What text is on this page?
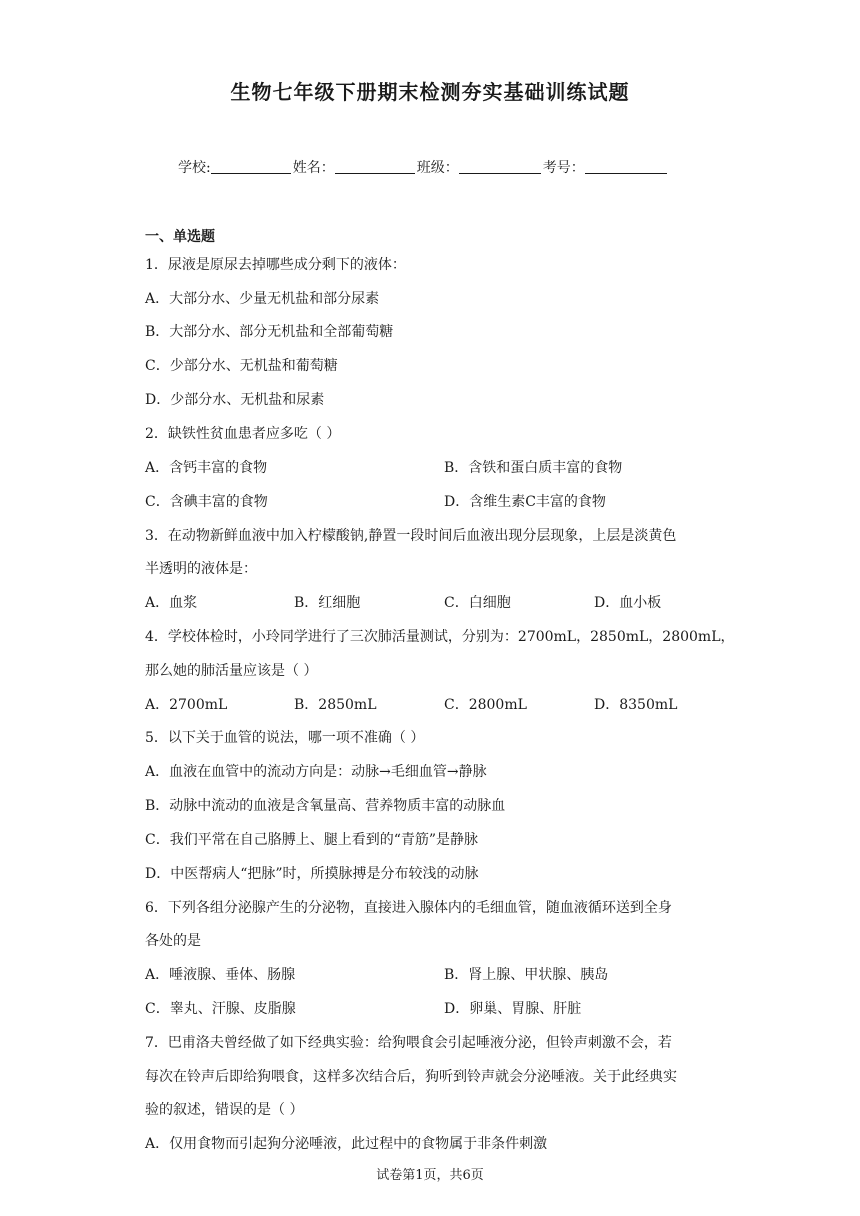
生物七年级下册期末检测夯实基础训练试题
学校:	姓名：	班级：	考号：
一、单选题
1．尿液是原尿去掉哪些成分剩下的液体：
A．大部分水、少量无机盐和部分尿素
B．大部分水、部分无机盐和全部葡萄糖
C．少部分水、无机盐和葡萄糖
D．少部分水、无机盐和尿素
2．缺铁性贫血患者应多吃（ ）
A．含钙丰富的食物	B．含铁和蛋白质丰富的食物
C．含碘丰富的食物	D．含维生素C丰富的食物
3．在动物新鲜血液中加入柠檬酸钠,静置一段时间后血液出现分层现象，上层是淡黄色
半透明的液体是：
A．血浆	B．红细胞	C．白细胞	D．血小板
4．学校体检时，小玲同学进行了三次肺活量测试，分别为：2700mL，2850mL，2800mL，
那么她的肺活量应该是（ ）
A．2700mL	B．2850mL	C．2800mL	D．8350mL
5．以下关于血管的说法，哪一项不准确（ ）
A．血液在血管中的流动方向是：动脉→毛细血管→静脉
B．动脉中流动的血液是含氧量高、营养物质丰富的动脉血
C．我们平常在自己胳膊上、腿上看到的“青筋”是静脉
D．中医帮病人“把脉”时，所摸脉搏是分布较浅的动脉
6．下列各组分泌腺产生的分泌物，直接进入腺体内的毛细血管，随血液循环送到全身
各处的是
A．唾液腺、垂体、肠腺	B．肾上腺、甲状腺、胰岛
C．睾丸、汗腺、皮脂腺	D．卵巢、胃腺、肝脏
7．巴甫洛夫曾经做了如下经典实验：给狗喂食会引起唾液分泌，但铃声刺激不会，若
每次在铃声后即给狗喂食，这样多次结合后，狗听到铃声就会分泌唾液。关于此经典实
验的叙述，错误的是（ ）
A．仅用食物而引起狗分泌唾液，此过程中的食物属于非条件刺激
试卷第1页，共6页
